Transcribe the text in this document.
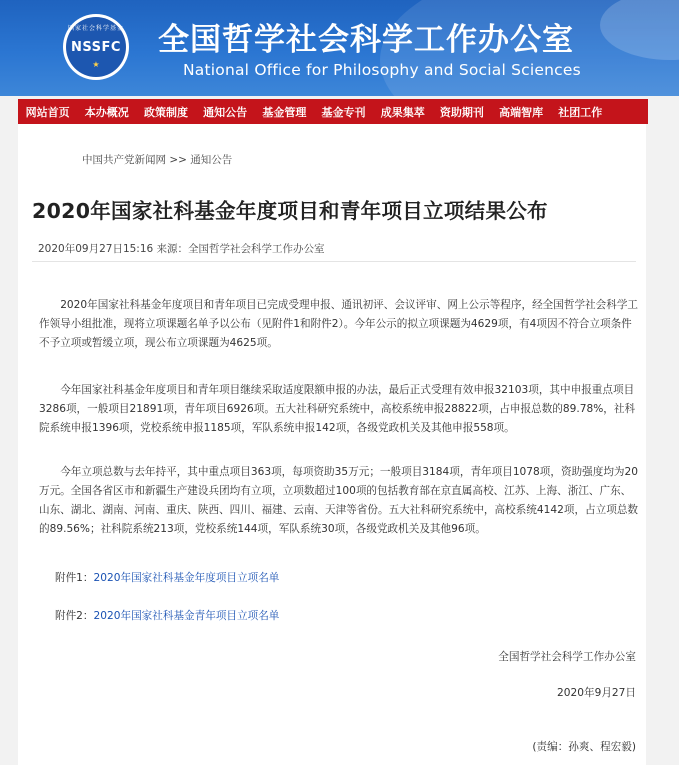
国家社会科学基金
NSSFC
★
全国哲学社会科学工作办公室
National Office for Philosophy and Social Sciences
网站首页	本办概况	政策制度	通知公告	基金管理	基金专刊	成果集萃	资助期刊	高端智库	社团工作
中国共产党新闻网 >> 通知公告
2020年国家社科基金年度项目和青年项目立项结果公布
2020年09月27日15:16 来源：全国哲学社会科学工作办公室
2020年国家社科基金年度项目和青年项目已完成受理申报、通讯初评、会议评审、网上公示等程序，经全国哲学社会科学工作领导小组批准，现将立项课题名单予以公布（见附件1和附件2）。今年公示的拟立项课题为4629项，有4项因不符合立项条件不予立项或暂缓立项，现公布立项课题为4625项。
今年国家社科基金年度项目和青年项目继续采取适度限额申报的办法，最后正式受理有效申报32103项，其中申报重点项目3286项，一般项目21891项，青年项目6926项。五大社科研究系统中，高校系统申报28822项，占申报总数的89.78%，社科院系统申报1396项，党校系统申报1185项，军队系统申报142项，各级党政机关及其他申报558项。
今年立项总数与去年持平，其中重点项目363项，每项资助35万元；一般项目3184项，青年项目1078项，资助强度均为20万元。全国各省区市和新疆生产建设兵团均有立项，立项数超过100项的包括教育部在京直属高校、江苏、上海、浙江、广东、山东、湖北、湖南、河南、重庆、陕西、四川、福建、云南、天津等省份。五大社科研究系统中，高校系统4142项，占立项总数的89.56%；社科院系统213项，党校系统144项，军队系统30项，各级党政机关及其他96项。
附件1：2020年国家社科基金年度项目立项名单
附件2：2020年国家社科基金青年项目立项名单
全国哲学社会科学工作办公室
2020年9月27日
(责编：孙爽、程宏毅)
